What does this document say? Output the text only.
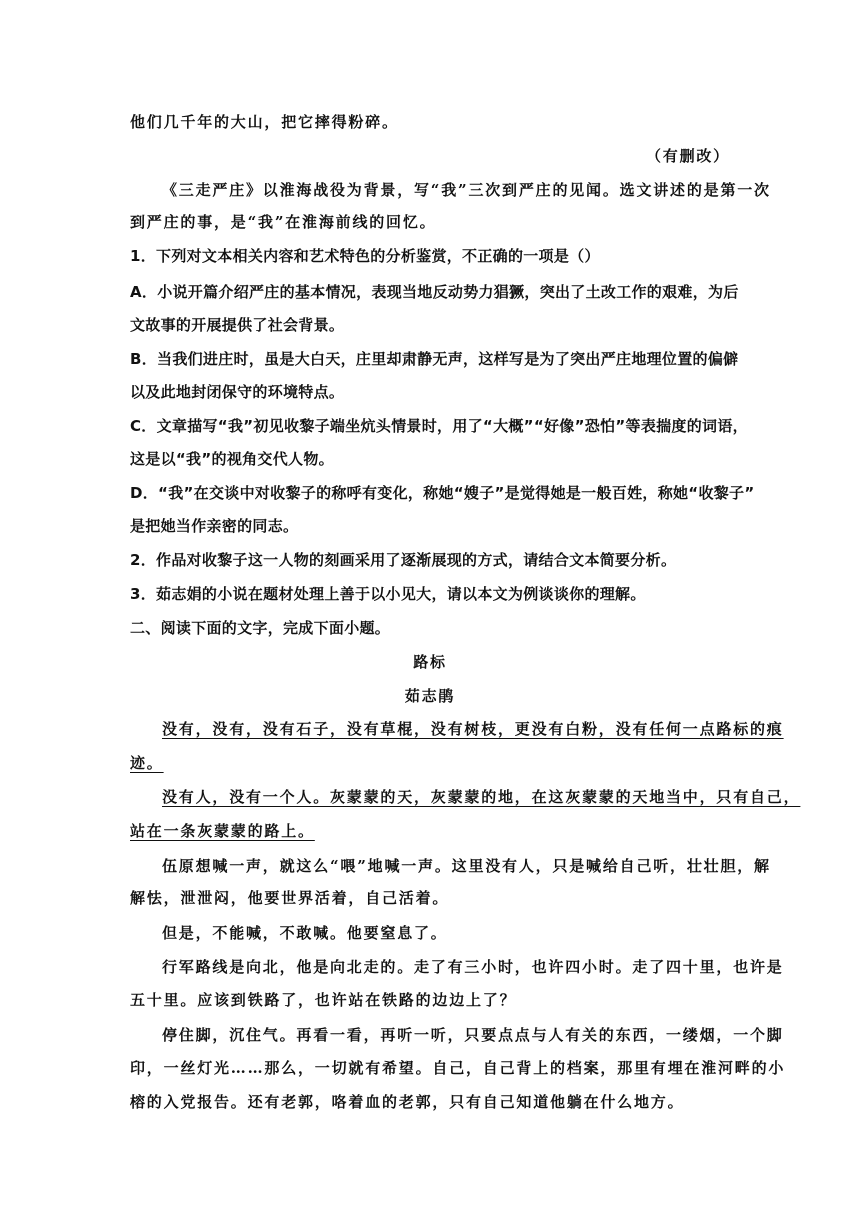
他们几千年的大山，把它摔得粉碎。
（有删改）
《三走严庄》以淮海战役为背景，写“我”三次到严庄的见闻。选文讲述的是第一次
到严庄的事，是“我”在淮海前线的回忆。
1．下列对文本相关内容和艺术特色的分析鉴赏，不正确的一项是（）
A．小说开篇介绍严庄的基本情况，表现当地反动势力猖獗，突出了土改工作的艰难，为后
文故事的开展提供了社会背景。
B．当我们进庄时，虽是大白天，庄里却肃静无声，这样写是为了突出严庄地理位置的偏僻
以及此地封闭保守的环境特点。
C．文章描写“我”初见收黎子端坐炕头情景时，用了“大概”“好像”恐怕”等表揣度的词语，
这是以“我”的视角交代人物。
D．“我”在交谈中对收黎子的称呼有变化，称她“嫂子”是觉得她是一般百姓，称她“收黎子”
是把她当作亲密的同志。
2．作品对收黎子这一人物的刻画采用了逐渐展现的方式，请结合文本简要分析。
3．茹志娟的小说在题材处理上善于以小见大，请以本文为例谈谈你的理解。
二、阅读下面的文字，完成下面小题。
路标
茹志鹃
没有，没有，没有石子，没有草棍，没有树枝，更没有白粉，没有任何一点路标的痕
迹。
没有人，没有一个人。灰蒙蒙的天，灰蒙蒙的地，在这灰蒙蒙的天地当中，只有自己，
站在一条灰蒙蒙的路上。
伍原想喊一声，就这么“喂”地喊一声。这里没有人，只是喊给自己听，壮壮胆，解
解怯，泄泄闷，他要世界活着，自己活着。
但是，不能喊，不敢喊。他要窒息了。
行军路线是向北，他是向北走的。走了有三小时，也许四小时。走了四十里，也许是
五十里。应该到铁路了，也许站在铁路的边边上了？
停住脚，沉住气。再看一看，再听一听，只要点点与人有关的东西，一缕烟，一个脚
印，一丝灯光……那么，一切就有希望。自己，自己背上的档案，那里有埋在淮河畔的小
榕的入党报告。还有老郭，咯着血的老郭，只有自己知道他躺在什么地方。
